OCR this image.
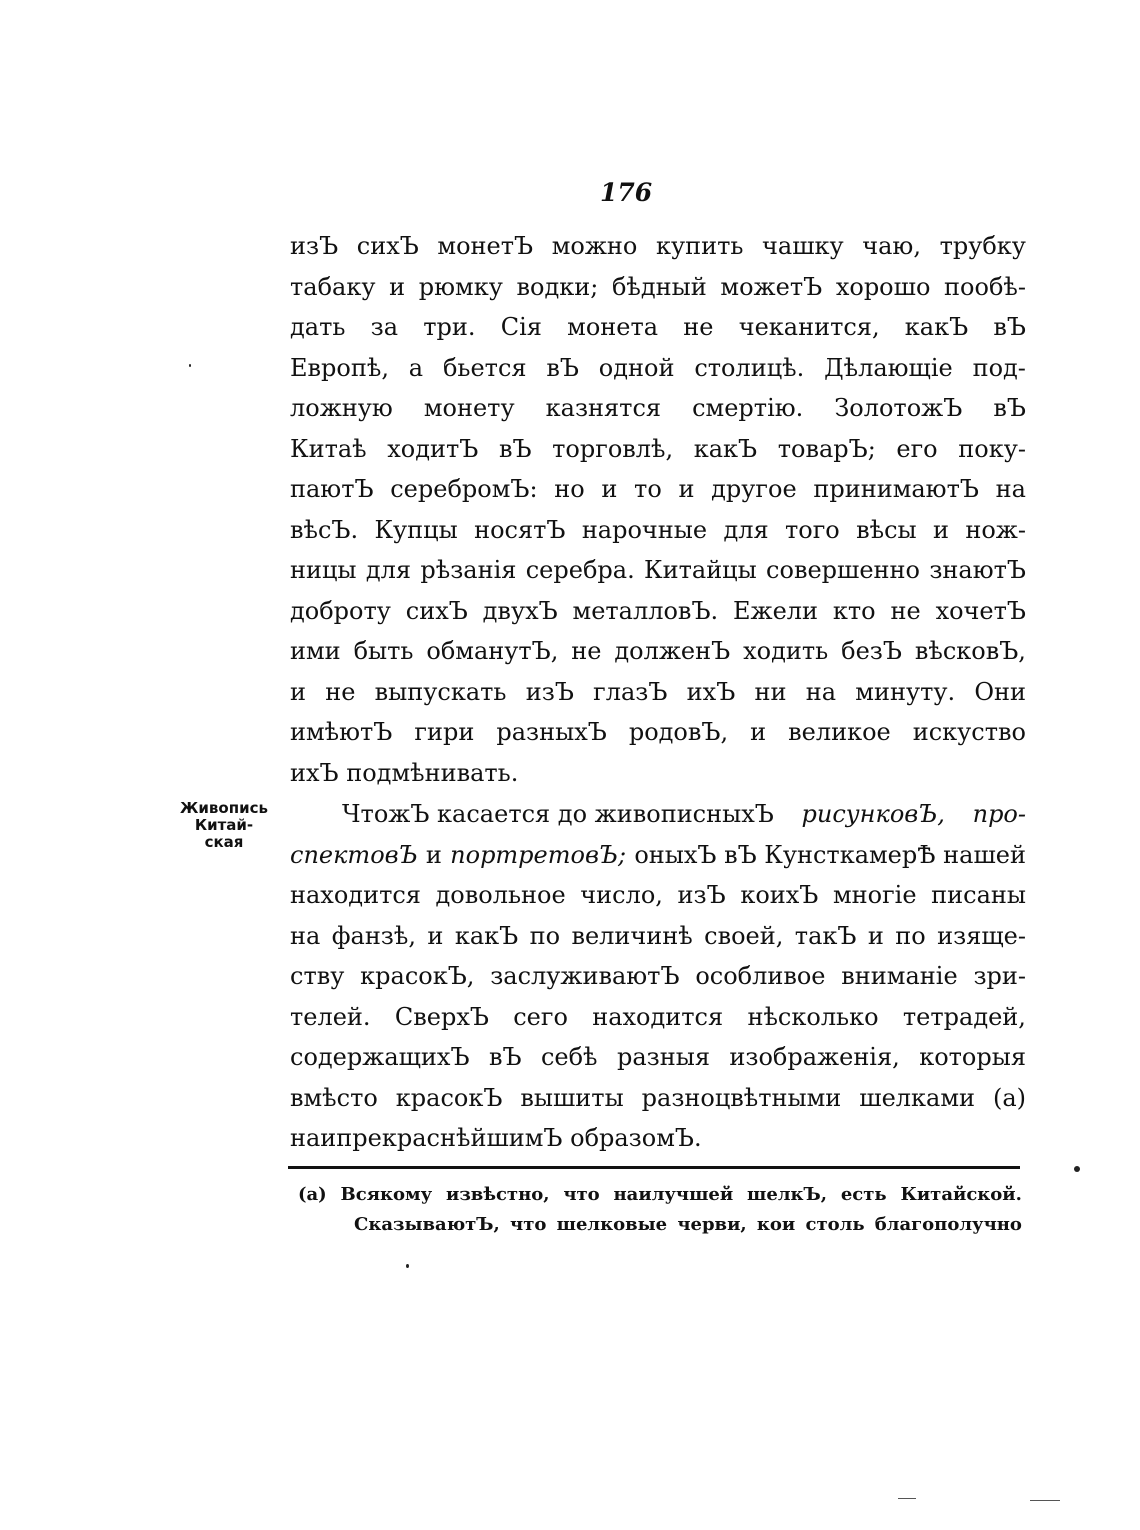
176
Живопись
Китай-
ская
изЪ сихЪ монетЪ можно купить чашку чаю, трубку
табаку и рюмку водки; бѣдный можетЪ хорошо пообѣ-
дать за три. Сія монета не чеканится, какЪ вЪ
Европѣ, а бьется вЪ одной столицѣ. Дѣлающіе под-
ложную монету казнятся смертію. ЗолотожЪ вЪ
Китаѣ ходитЪ вЪ торговлѣ, какЪ товарЪ; его поку-
паютЪ серебромЪ: но и то и другое принимаютЪ на
вѣсЪ. Купцы носятЪ нарочные для того вѣсы и нож-
ницы для рѣзанія серебра. Китайцы совершенно знаютЪ
доброту сихЪ двухЪ металловЪ. Ежели кто не хочетЪ
ими быть обманутЪ, не долженЪ ходить безЪ вѣсковЪ,
и не выпускать изЪ глазЪ ихЪ ни на минуту. Они
имѣютЪ гири разныхЪ родовЪ, и великое искуство
ихЪ подмѣнивать.
ЧтожЪ касается до живописныхЪ рисунковЪ, про-
спектовЪ и портретовЪ; оныхЪ вЪ КунсткамерѢ нашей
находится довольное число, изЪ коихЪ многіе писаны
на фанзѣ, и какЪ по величинѣ своей, такЪ и по изяще-
ству красокЪ, заслуживаютЪ особливое вниманіе зри-
телей. СверхЪ сего находится нѣсколько тетрадей,
содержащихЪ вЪ себѣ разныя изображенія, которыя
вмѣсто красокЪ вышиты разноцвѣтными шелками (а)
наипрекраснѣйшимЪ образомЪ.
(а) Всякому извѣстно, что наилучшей шелкЪ, есть Китайской.
СказываютЪ, что шелковые черви, кои столь благополучно
